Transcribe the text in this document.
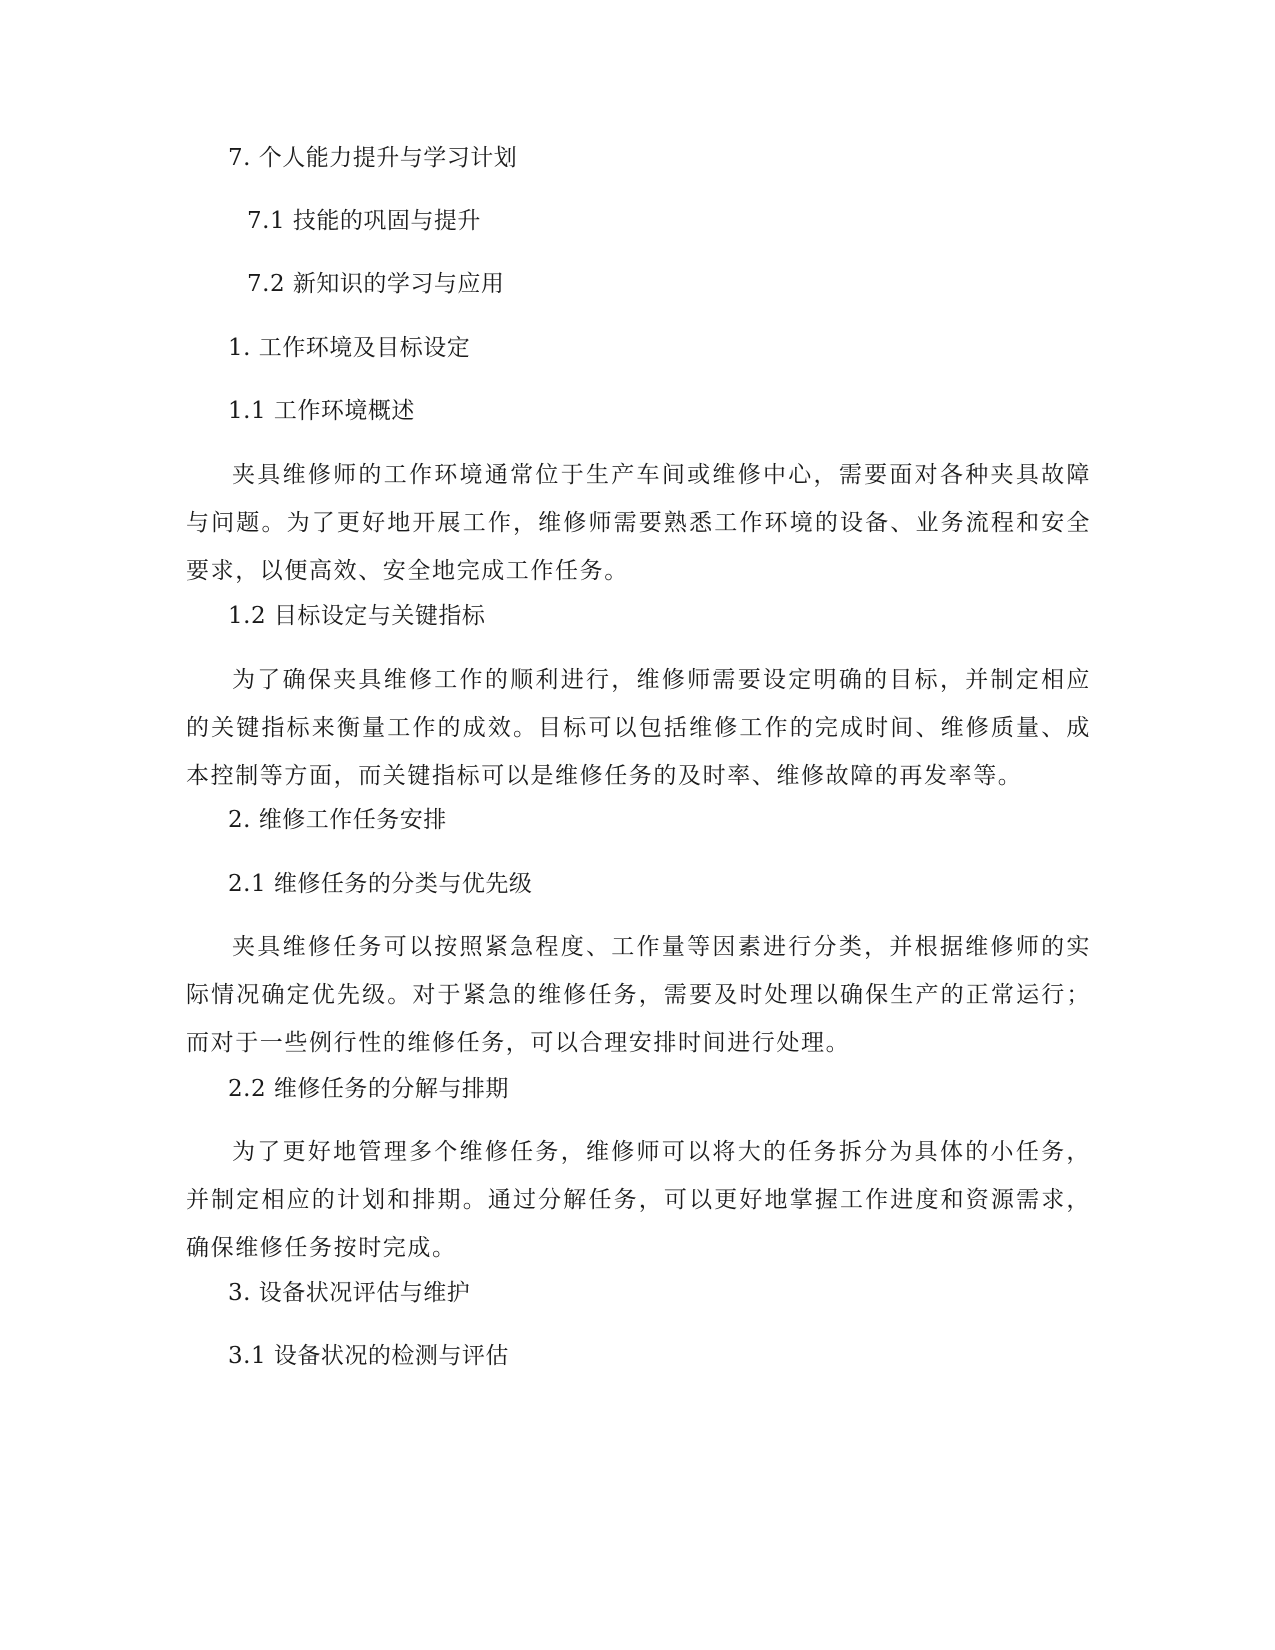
7. 个人能力提升与学习计划
7.1 技能的巩固与提升
7.2 新知识的学习与应用
1. 工作环境及目标设定
1.1 工作环境概述
夹具维修师的工作环境通常位于生产车间或维修中心，需要面对各种夹具故障与问题。为了更好地开展工作，维修师需要熟悉工作环境的设备、业务流程和安全要求，以便高效、安全地完成工作任务。
1.2 目标设定与关键指标
为了确保夹具维修工作的顺利进行，维修师需要设定明确的目标，并制定相应的关键指标来衡量工作的成效。目标可以包括维修工作的完成时间、维修质量、成本控制等方面，而关键指标可以是维修任务的及时率、维修故障的再发率等。
2. 维修工作任务安排
2.1 维修任务的分类与优先级
夹具维修任务可以按照紧急程度、工作量等因素进行分类，并根据维修师的实际情况确定优先级。对于紧急的维修任务，需要及时处理以确保生产的正常运行；而对于一些例行性的维修任务，可以合理安排时间进行处理。
2.2 维修任务的分解与排期
为了更好地管理多个维修任务，维修师可以将大的任务拆分为具体的小任务，并制定相应的计划和排期。通过分解任务，可以更好地掌握工作进度和资源需求，确保维修任务按时完成。
3. 设备状况评估与维护
3.1 设备状况的检测与评估
